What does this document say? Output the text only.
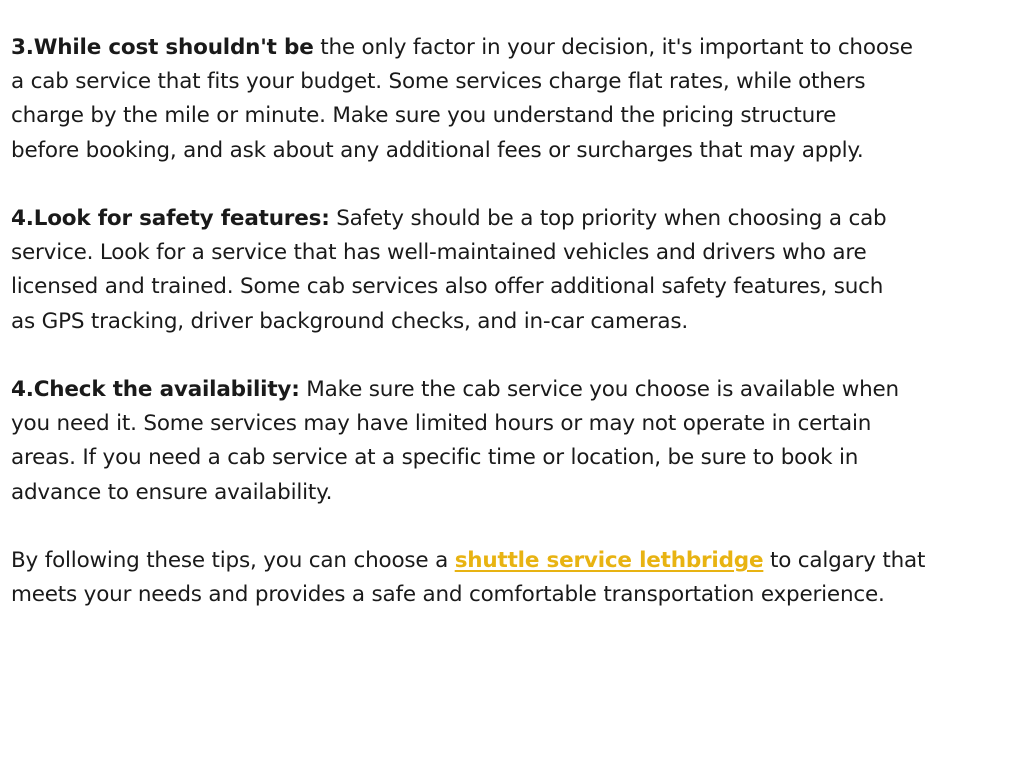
3.While cost shouldn't be the only factor in your decision, it's important to choose
a cab service that fits your budget. Some services charge flat rates, while others
charge by the mile or minute. Make sure you understand the pricing structure
before booking, and ask about any additional fees or surcharges that may apply.

4.Look for safety features: Safety should be a top priority when choosing a cab
service. Look for a service that has well-maintained vehicles and drivers who are
licensed and trained. Some cab services also offer additional safety features, such
as GPS tracking, driver background checks, and in-car cameras.

4.Check the availability: Make sure the cab service you choose is available when
you need it. Some services may have limited hours or may not operate in certain
areas. If you need a cab service at a specific time or location, be sure to book in
advance to ensure availability.

By following these tips, you can choose a shuttle service lethbridge to calgary that
meets your needs and provides a safe and comfortable transportation experience.
